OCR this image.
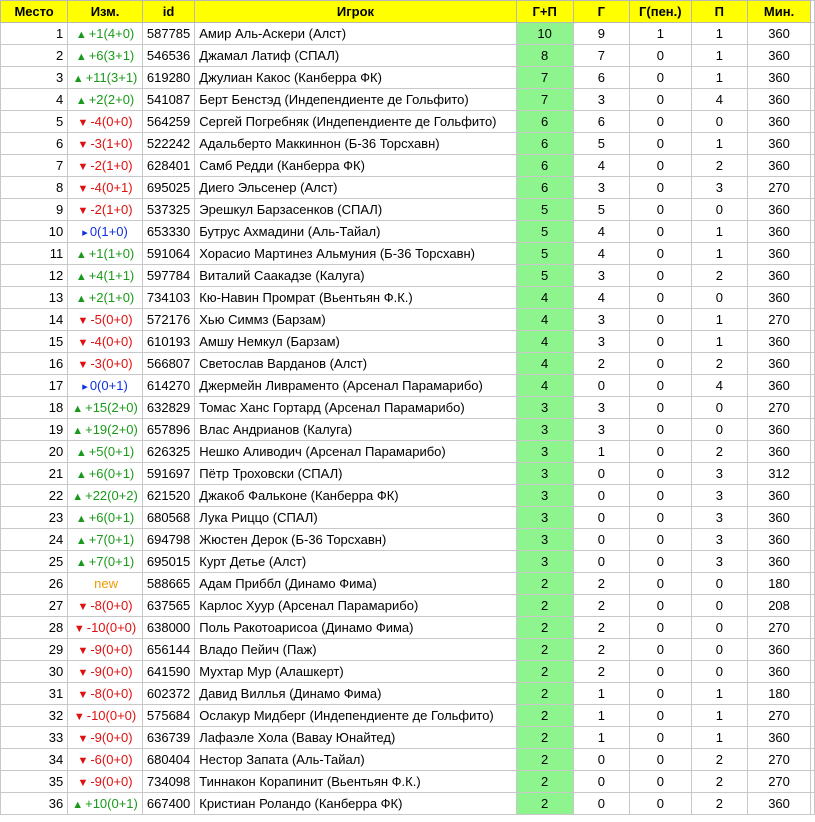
Место	Изм.	id	Игрок	Г+П	Г	Г(пен.)	П	Мин.	
1	▲ +1(4+0)	587785	Амир Аль-Аскери (Алст)	10	9	1	1	360	
2	▲ +6(3+1)	546536	Джамал Латиф (СПАЛ)	8	7	0	1	360	
3	▲ +11(3+1)	619280	Джулиан Какос (Канберра ФК)	7	6	0	1	360	
4	▲ +2(2+0)	541087	Берт Бенстэд (Индепендиенте де Гольфито)	7	3	0	4	360	
5	▼ -4(0+0)	564259	Сергей Погребняк (Индепендиенте де Гольфито)	6	6	0	0	360	
6	▼ -3(1+0)	522242	Адальберто Маккиннон (Б-36 Торсхавн)	6	5	0	1	360	
7	▼ -2(1+0)	628401	Самб Редди (Канберра ФК)	6	4	0	2	360	
8	▼ -4(0+1)	695025	Диего Эльсенер (Алст)	6	3	0	3	270	
9	▼ -2(1+0)	537325	Эрешкул Барзасенков (СПАЛ)	5	5	0	0	360	
10	▸ 0(1+0)	653330	Бутрус Ахмадини (Аль-Тайал)	5	4	0	1	360	
11	▲ +1(1+0)	591064	Хорасио Мартинез Альмуния (Б-36 Торсхавн)	5	4	0	1	360	
12	▲ +4(1+1)	597784	Виталий Саакадзе (Калуга)	5	3	0	2	360	
13	▲ +2(1+0)	734103	Кю-Навин Промрат (Вьентьян Ф.К.)	4	4	0	0	360	
14	▼ -5(0+0)	572176	Хью Симмз (Барзам)	4	3	0	1	270	
15	▼ -4(0+0)	610193	Амшу Немкул (Барзам)	4	3	0	1	360	
16	▼ -3(0+0)	566807	Светослав Варданов (Алст)	4	2	0	2	360	
17	▸ 0(0+1)	614270	Джермейн Ливраменто (Арсенал Парамарибо)	4	0	0	4	360	
18	▲ +15(2+0)	632829	Томас Ханс Гортард (Арсенал Парамарибо)	3	3	0	0	270	
19	▲ +19(2+0)	657896	Влас Андрианов (Калуга)	3	3	0	0	360	
20	▲ +5(0+1)	626325	Нешко Аливодич (Арсенал Парамарибо)	3	1	0	2	360	
21	▲ +6(0+1)	591697	Пётр Троховски (СПАЛ)	3	0	0	3	312	
22	▲ +22(0+2)	621520	Джакоб Фальконе (Канберра ФК)	3	0	0	3	360	
23	▲ +6(0+1)	680568	Лука Риццо (СПАЛ)	3	0	0	3	360	
24	▲ +7(0+1)	694798	Жюстен Дерок (Б-36 Торсхавн)	3	0	0	3	360	
25	▲ +7(0+1)	695015	Курт Детье (Алст)	3	0	0	3	360	
26	new	588665	Адам Приббл (Динамо Фима)	2	2	0	0	180	
27	▼ -8(0+0)	637565	Карлос Хуур (Арсенал Парамарибо)	2	2	0	0	208	
28	▼ -10(0+0)	638000	Поль Ракотоарисоа (Динамо Фима)	2	2	0	0	270	
29	▼ -9(0+0)	656144	Владо Пейич (Паж)	2	2	0	0	360	
30	▼ -9(0+0)	641590	Мухтар Мур (Алашкерт)	2	2	0	0	360	
31	▼ -8(0+0)	602372	Давид Виллья (Динамо Фима)	2	1	0	1	180	
32	▼ -10(0+0)	575684	Ослакур Мидберг (Индепендиенте де Гольфито)	2	1	0	1	270	
33	▼ -9(0+0)	636739	Лафаэле Хола (Вавау Юнайтед)	2	1	0	1	360	
34	▼ -6(0+0)	680404	Нестор Запата (Аль-Тайал)	2	0	0	2	270	
35	▼ -9(0+0)	734098	Тиннакон Корапинит (Вьентьян Ф.К.)	2	0	0	2	270	
36	▲ +10(0+1)	667400	Кристиан Роландо (Канберра ФК)	2	0	0	2	360	
